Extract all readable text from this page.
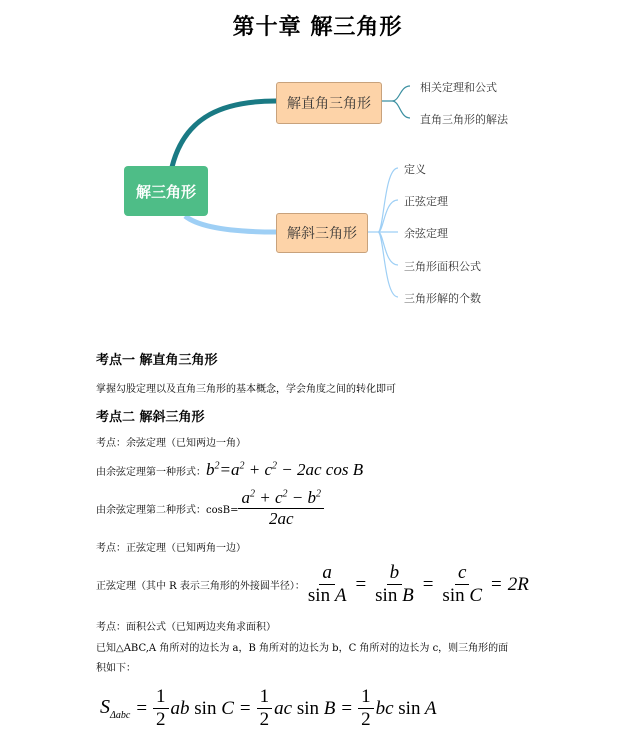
第十章 解三角形
解三角形
解直角三角形
解斜三角形
相关定理和公式
直角三角形的解法
定义
正弦定理
余弦定理
三角形面积公式
三角形解的个数
考点一 解直角三角形
掌握勾股定理以及直角三角形的基本概念，学会角度之间的转化即可
考点二 解斜三角形
考点：余弦定理（已知两边一角）
由余弦定理第一种形式： $b^2=a^2 + c^2 - 2ac$ cos B
由余弦定理第二种形式：$\cos B= \frac{a^2 + c^2 - b^2}{2ac}$
考点：正弦定理（已知两角一边）
正弦定理（其中 R 表示三角形的外接圆半径）： $\frac{a}{\text{sin A}} = \frac{b}{\text{sin B}} = \frac{c}{\text{sin C}} = 2R$
考点：面积公式（已知两边夹角求面积）
已知△ABC,A 角所对的边长为 a，B 角所对的边长为 b，C 角所对的边长为 c，则三角形的面
积如下：
$S_{\Delta abc} = \frac{1}{2}$ ab $\sin C = \frac{1}{2}$ ac $\sin B = \frac{1}{2}$ bc sin A
